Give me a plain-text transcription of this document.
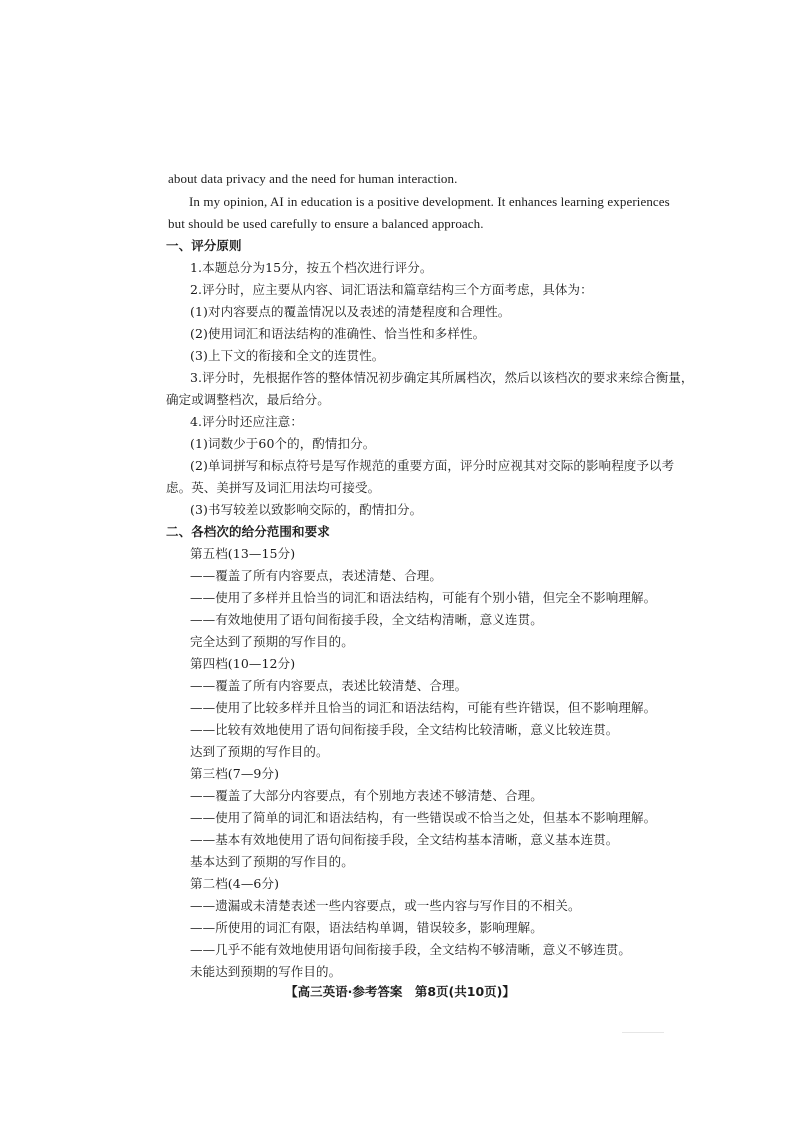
about data privacy and the need for human interaction.
In my opinion, AI in education is a positive development. It enhances learning experiences
but should be used carefully to ensure a balanced approach.
一、评分原则
1.本题总分为15分，按五个档次进行评分。
2.评分时，应主要从内容、词汇语法和篇章结构三个方面考虑，具体为：
(1)对内容要点的覆盖情况以及表述的清楚程度和合理性。
(2)使用词汇和语法结构的准确性、恰当性和多样性。
(3)上下文的衔接和全文的连贯性。
3.评分时，先根据作答的整体情况初步确定其所属档次，然后以该档次的要求来综合衡量，
确定或调整档次，最后给分。
4.评分时还应注意：
(1)词数少于60个的，酌情扣分。
(2)单词拼写和标点符号是写作规范的重要方面，评分时应视其对交际的影响程度予以考
虑。英、美拼写及词汇用法均可接受。
(3)书写较差以致影响交际的，酌情扣分。
二、各档次的给分范围和要求
第五档(13—15分)
——覆盖了所有内容要点，表述清楚、合理。
——使用了多样并且恰当的词汇和语法结构，可能有个别小错，但完全不影响理解。
——有效地使用了语句间衔接手段，全文结构清晰，意义连贯。
完全达到了预期的写作目的。
第四档(10—12分)
——覆盖了所有内容要点，表述比较清楚、合理。
——使用了比较多样并且恰当的词汇和语法结构，可能有些许错误，但不影响理解。
——比较有效地使用了语句间衔接手段，全文结构比较清晰，意义比较连贯。
达到了预期的写作目的。
第三档(7—9分)
——覆盖了大部分内容要点，有个别地方表述不够清楚、合理。
——使用了简单的词汇和语法结构，有一些错误或不恰当之处，但基本不影响理解。
——基本有效地使用了语句间衔接手段，全文结构基本清晰，意义基本连贯。
基本达到了预期的写作目的。
第二档(4—6分)
——遗漏或未清楚表述一些内容要点，或一些内容与写作目的不相关。
——所使用的词汇有限，语法结构单调，错误较多，影响理解。
——几乎不能有效地使用语句间衔接手段，全文结构不够清晰，意义不够连贯。
未能达到预期的写作目的。
【高三英语·参考答案　第8页(共10页)】
